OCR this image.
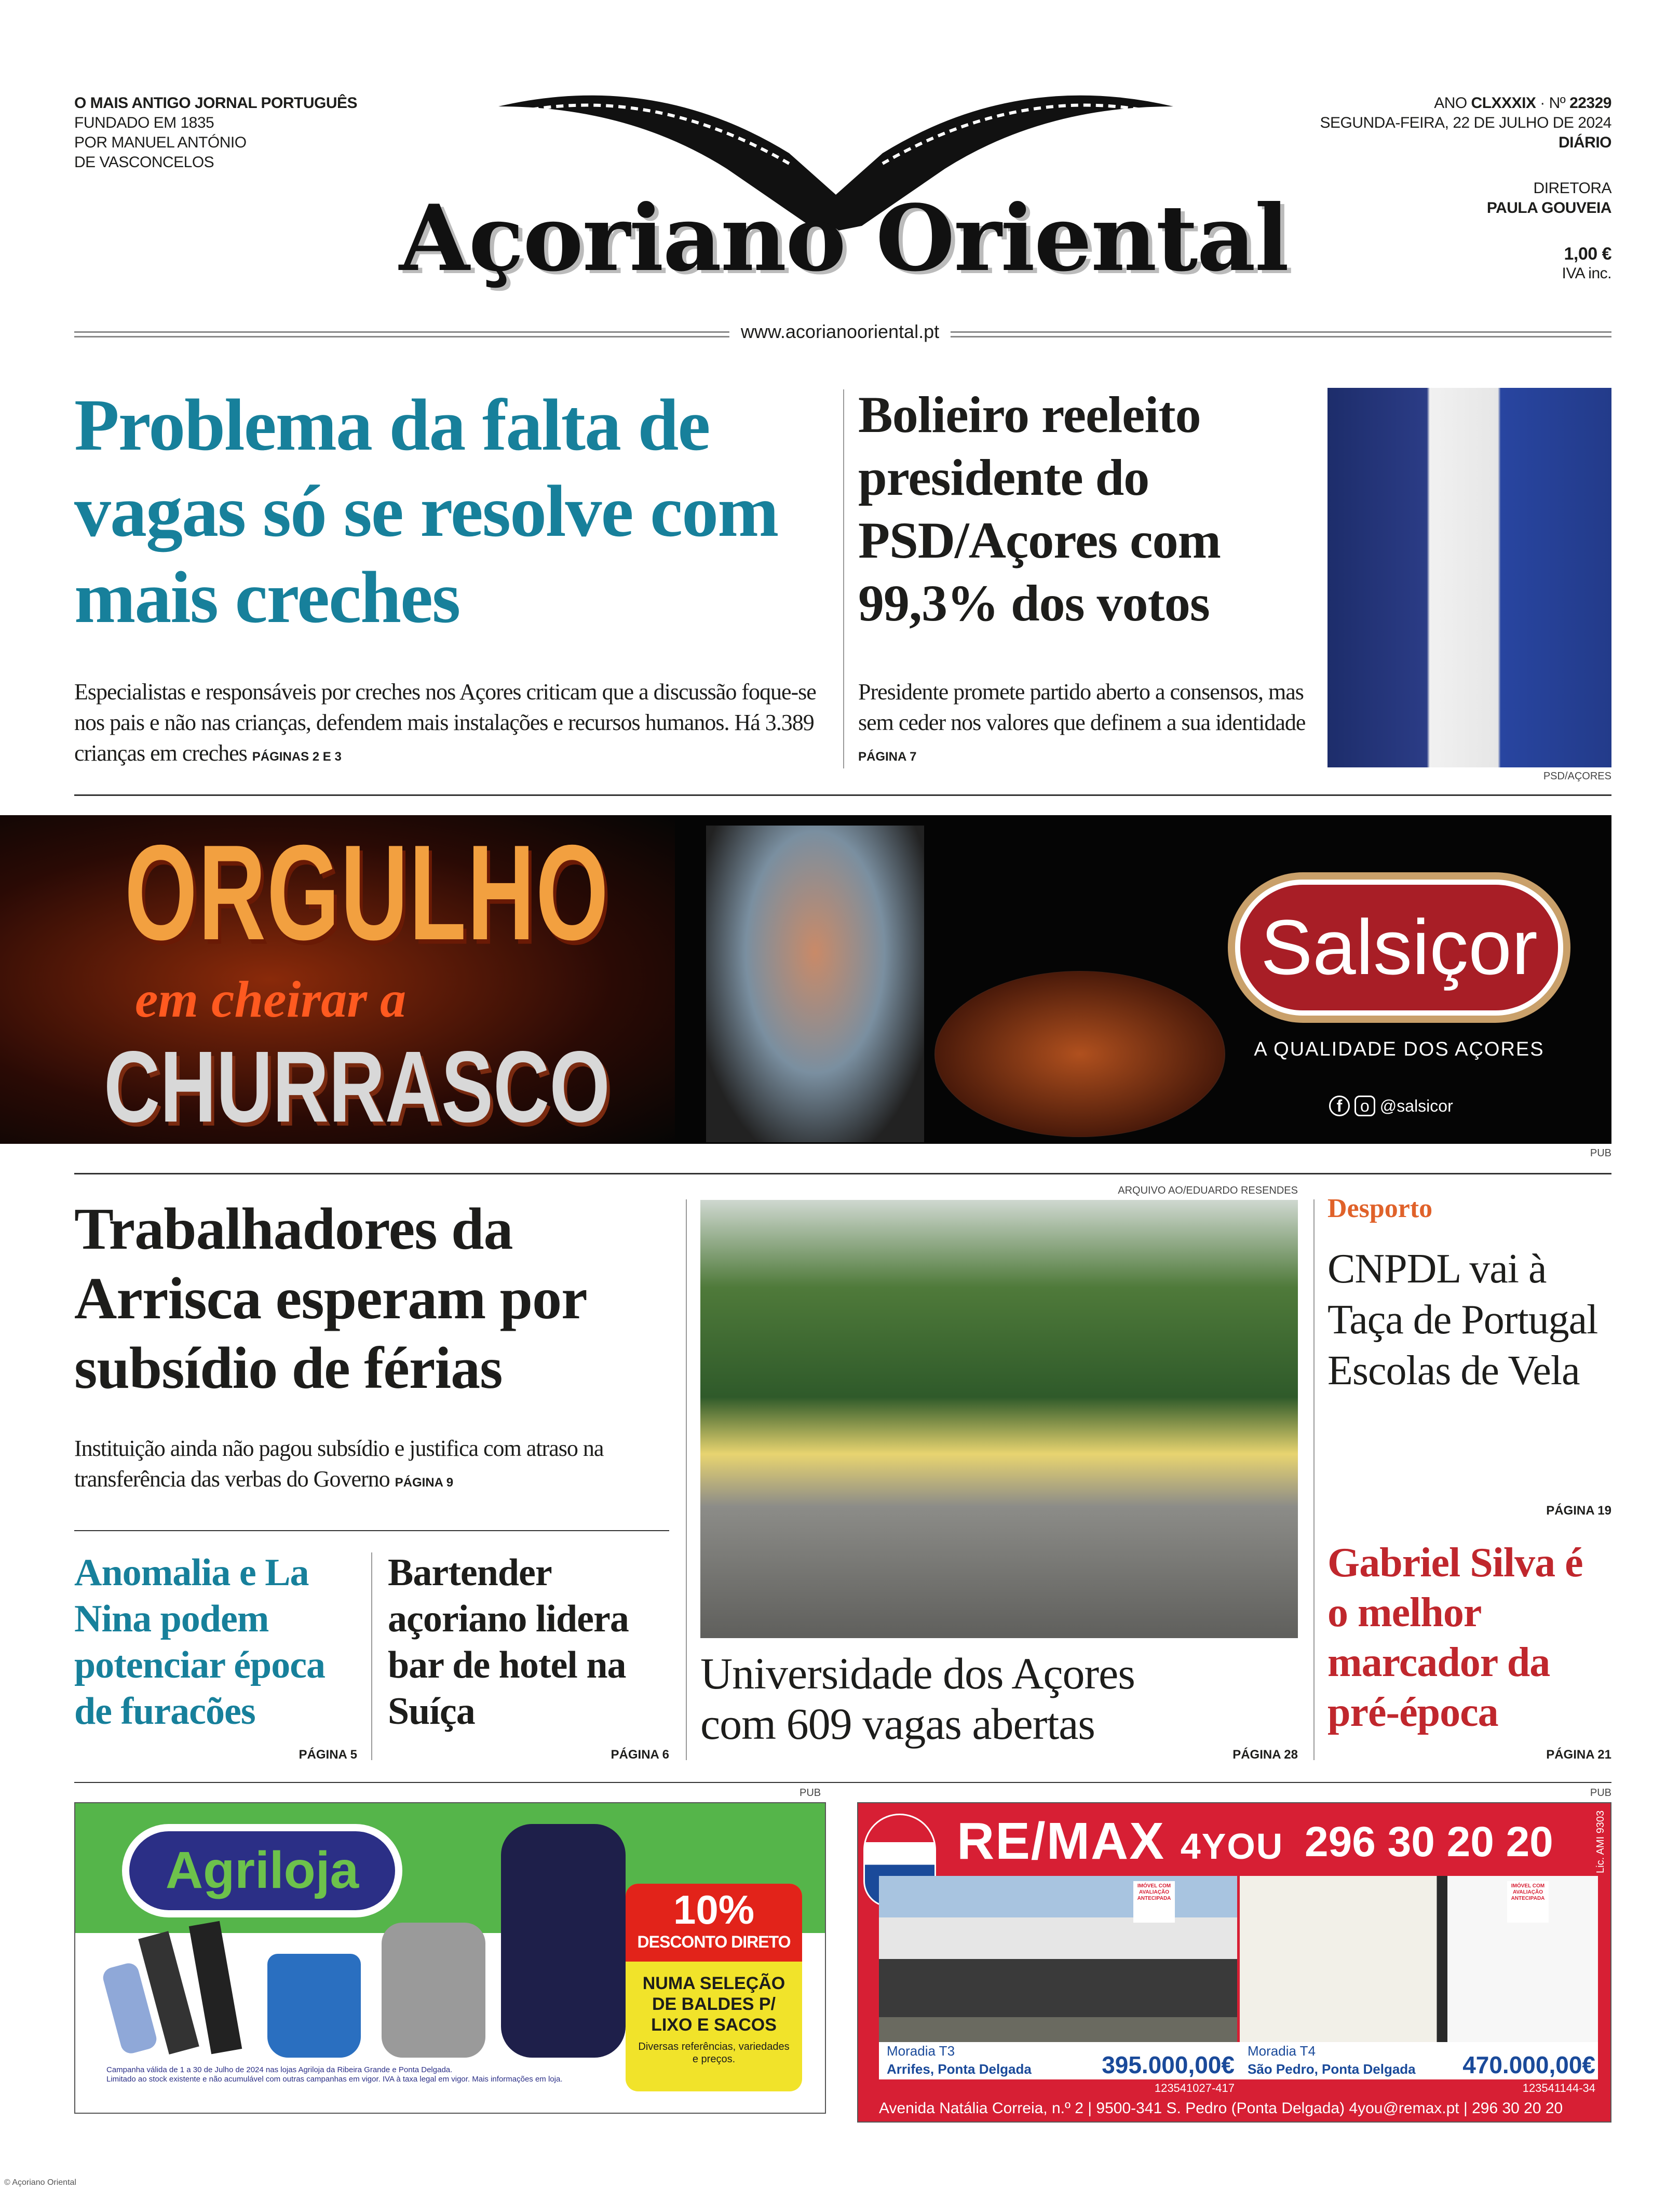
O MAIS ANTIGO JORNAL PORTUGUÊS
FUNDADO EM 1835
POR MANUEL ANTÓNIO
DE VASCONCELOS
Açoriano Oriental
ANO CLXXXIX · Nº 22329
SEGUNDA-FEIRA, 22 DE JULHO DE 2024
DIÁRIO
DIRETORA
PAULA GOUVEIA
1,00 €
IVA inc.
www.acorianooriental.pt
Problema da falta de vagas só se resolve com mais creches
Especialistas e responsáveis por creches nos Açores criticam que a discussão foque-se nos pais e não nas crianças, defendem mais instalações e recursos humanos. Há 3.389 crianças em creches PÁGINAS 2 E 3
Bolieiro reeleito presidente do PSD/Açores com 99,3% dos votos
Presidente promete partido aberto a consensos, mas sem ceder nos valores que definem a sua identidade PÁGINA 7
PSD/AÇORES
ORGULHO
em cheirar a
CHURRASCO
Salsiçor
A QUALIDADE DOS AÇORES
f o @salsicor
PUB
Trabalhadores da Arrisca esperam por subsídio de férias
Instituição ainda não pagou subsídio e justifica com atraso na transferência das verbas do Governo PÁGINA 9
Anomalia e La Nina podem potenciar época de furacões
PÁGINA 5
Bartender açoriano lidera bar de hotel na Suíça
PÁGINA 6
ARQUIVO AO/EDUARDO RESENDES
Universidade dos Açores com 609 vagas abertas
PÁGINA 28
Desporto
CNPDL vai à Taça de Portugal Escolas de Vela
PÁGINA 19
Gabriel Silva é o melhor marcador da pré-época
PÁGINA 21
PUB
Agriloja
10%
DESCONTO DIRETO
NUMA SELEÇÃO DE BALDES P/ LIXO E SACOS
Diversas referências, variedades e preços.
Campanha válida de 1 a 30 de Julho de 2024 nas lojas Agriloja da Ribeira Grande e Ponta Delgada.
Limitado ao stock existente e não acumulável com outras campanhas em vigor. IVA à taxa legal em vigor. Mais informações em loja.
PUB
RE/MAX 4YOU 296 30 20 20	Lic. AMI 9303
IMÓVEL COM AVALIAÇÃO ANTECIPADA
IMÓVEL COM AVALIAÇÃO ANTECIPADA
Moradia T3
Arrifes, Ponta Delgada	395.000,00€
123541027-417
Moradia T4
São Pedro, Ponta Delgada	470.000,00€
123541144-34
Avenida Natália Correia, n.º 2 | 9500-341 S. Pedro (Ponta Delgada) 4you@remax.pt | 296 30 20 20
© Açoriano Oriental
